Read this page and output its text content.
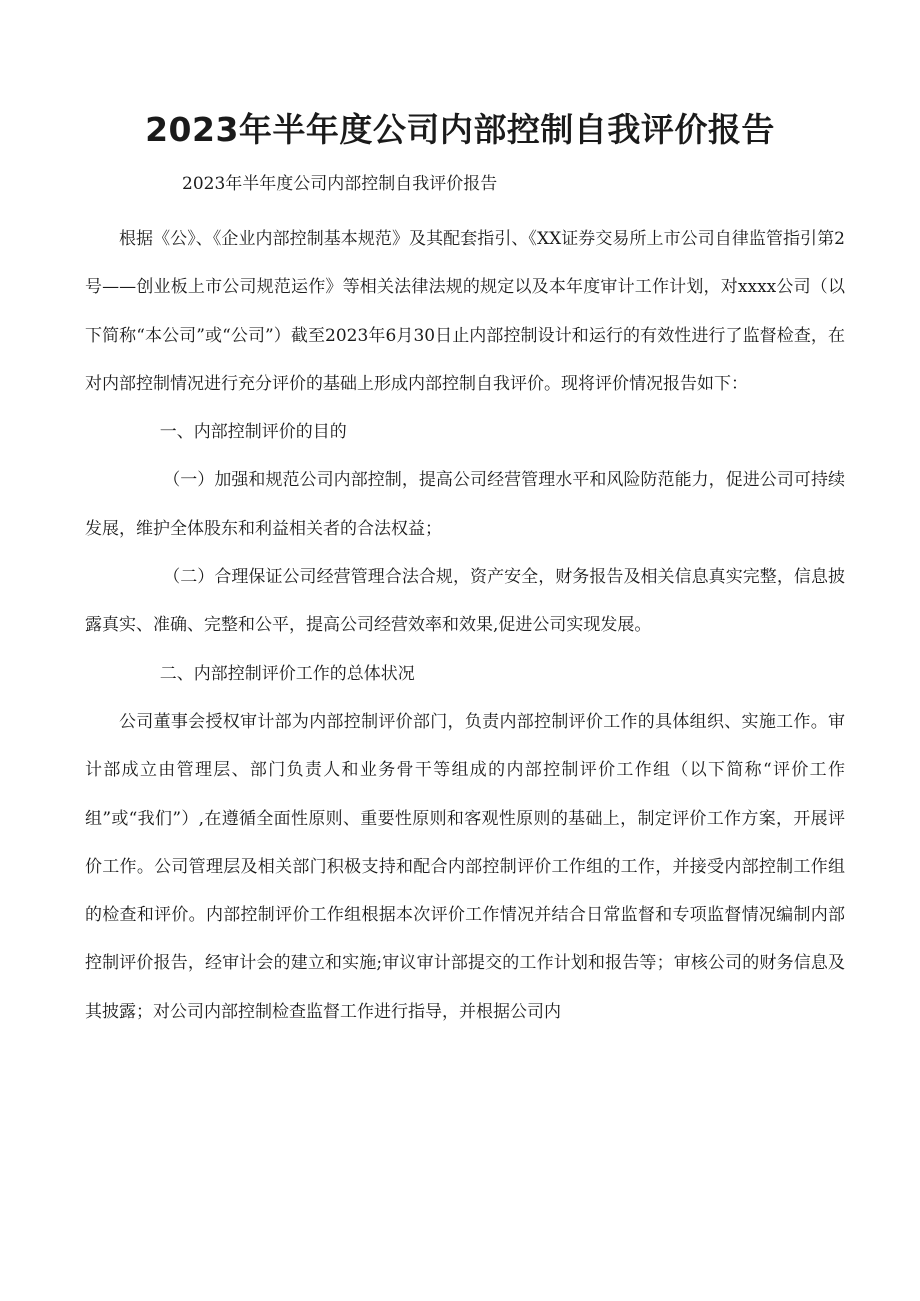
2023年半年度公司内部控制自我评价报告

2023年半年度公司内部控制自我评价报告

根据《公》、《企业内部控制基本规范》及其配套指引、《XX证券交易所上市公司自律监管指引第2号——创业板上市公司规范运作》等相关法律法规的规定以及本年度审计工作计划，对xxxx公司（以下简称“本公司”或“公司”）截至2023年6月30日止内部控制设计和运行的有效性进行了监督检查，在对内部控制情况进行充分评价的基础上形成内部控制自我评价。现将评价情况报告如下：

一、内部控制评价的目的

（一）加强和规范公司内部控制，提高公司经营管理水平和风险防范能力，促进公司可持续发展，维护全体股东和利益相关者的合法权益；

（二）合理保证公司经营管理合法合规，资产安全，财务报告及相关信息真实完整，信息披露真实、准确、完整和公平，提高公司经营效率和效果,促进公司实现发展。

二、内部控制评价工作的总体状况

公司董事会授权审计部为内部控制评价部门，负责内部控制评价工作的具体组织、实施工作。审计部成立由管理层、部门负责人和业务骨干等组成的内部控制评价工作组（以下简称“评价工作组”或“我们”）,在遵循全面性原则、重要性原则和客观性原则的基础上，制定评价工作方案，开展评价工作。公司管理层及相关部门积极支持和配合内部控制评价工作组的工作，并接受内部控制工作组的检查和评价。内部控制评价工作组根据本次评价工作情况并结合日常监督和专项监督情况编制内部控制评价报告，经审计会的建立和实施;审议审计部提交的工作计划和报告等；审核公司的财务信息及其披露；对公司内部控制检查监督工作进行指导，并根据公司内
